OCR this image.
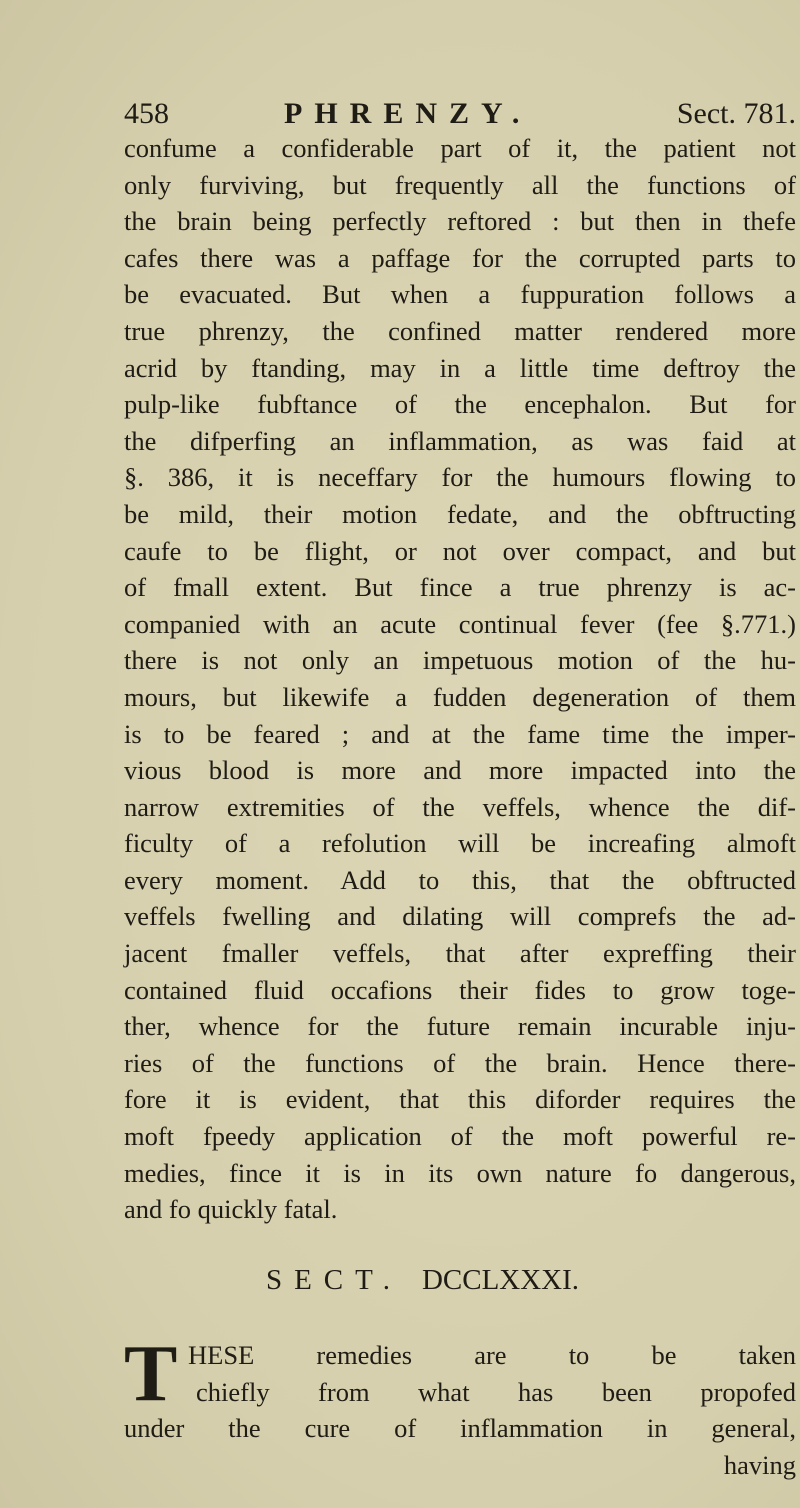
458	PHRENZY.	Sect. 781.
confume a confiderable part of it, the patient not
only furviving, but frequently all the functions of
the brain being perfectly reftored : but then in thefe
cafes there was a paffage for the corrupted parts to
be evacuated. But when a fuppuration follows a
true phrenzy, the confined matter rendered more
acrid by ftanding, may in a little time deftroy the
pulp-like fubftance of the encephalon. But for
the difperfing an inflammation, as was faid at
§. 386, it is neceffary for the humours flowing to
be mild, their motion fedate, and the obftructing
caufe to be flight, or not over compact, and but
of fmall extent. But fince a true phrenzy is ac-
companied with an acute continual fever (fee §.771.)
there is not only an impetuous motion of the hu-
mours, but likewife a fudden degeneration of them
is to be feared ; and at the fame time the imper-
vious blood is more and more impacted into the
narrow extremities of the veffels, whence the dif-
ficulty of a refolution will be increafing almoft
every moment. Add to this, that the obftructed
veffels fwelling and dilating will comprefs the ad-
jacent fmaller veffels, that after expreffing their
contained fluid occafions their fides to grow toge-
ther, whence for the future remain incurable inju-
ries of the functions of the brain. Hence there-
fore it is evident, that this diforder requires the
moft fpeedy application of the moft powerful re-
medies, fince it is in its own nature fo dangerous,
and fo quickly fatal.
SECT. DCCLXXXI.
T HESE remedies are to be taken
chiefly from what has been propofed
under the cure of inflammation in general,
having
